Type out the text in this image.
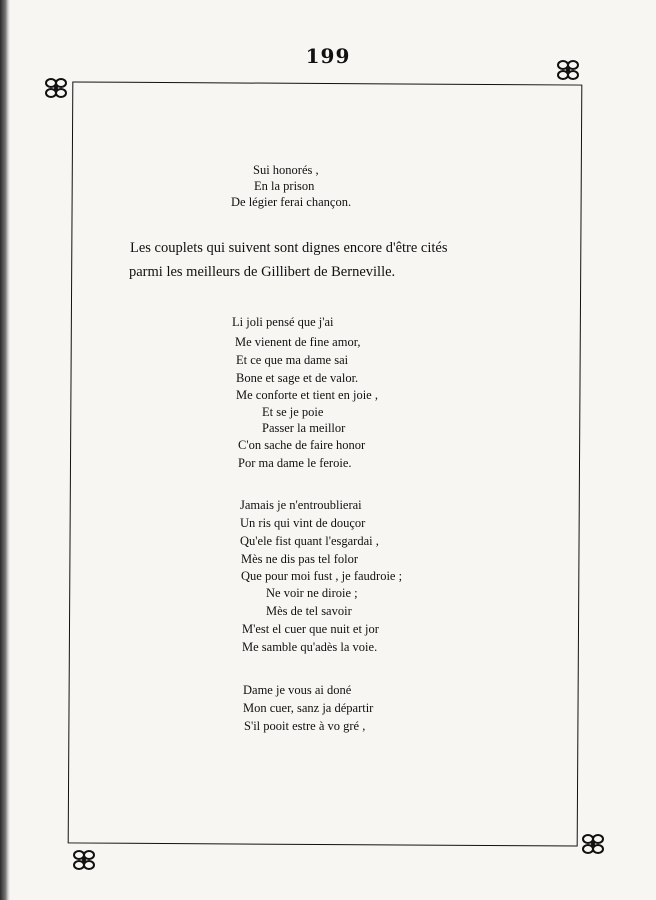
199
Sui honorés ,
En la prison
De légier ferai chançon.
Les couplets qui suivent sont dignes encore d'être cités
parmi les meilleurs de Gillibert de Berneville.
Li joli pensé que j'ai
Me vienent de fine amor,
Et ce que ma dame sai
Bone et sage et de valor.
Me conforte et tient en joie ,
Et se je poie
Passer la meillor
C'on sache de faire honor
Por ma dame le feroie.
Jamais je n'entroublierai
Un ris qui vint de douçor
Qu'ele fist quant l'esgardai ,
Mès ne dis pas tel folor
Que pour moi fust , je faudroie ;
Ne voir ne diroie ;
Mès de tel savoir
M'est el cuer que nuit et jor
Me samble qu'adès la voie.
Dame je vous ai doné
Mon cuer, sanz ja départir
S'il pooit estre à vo gré ,
